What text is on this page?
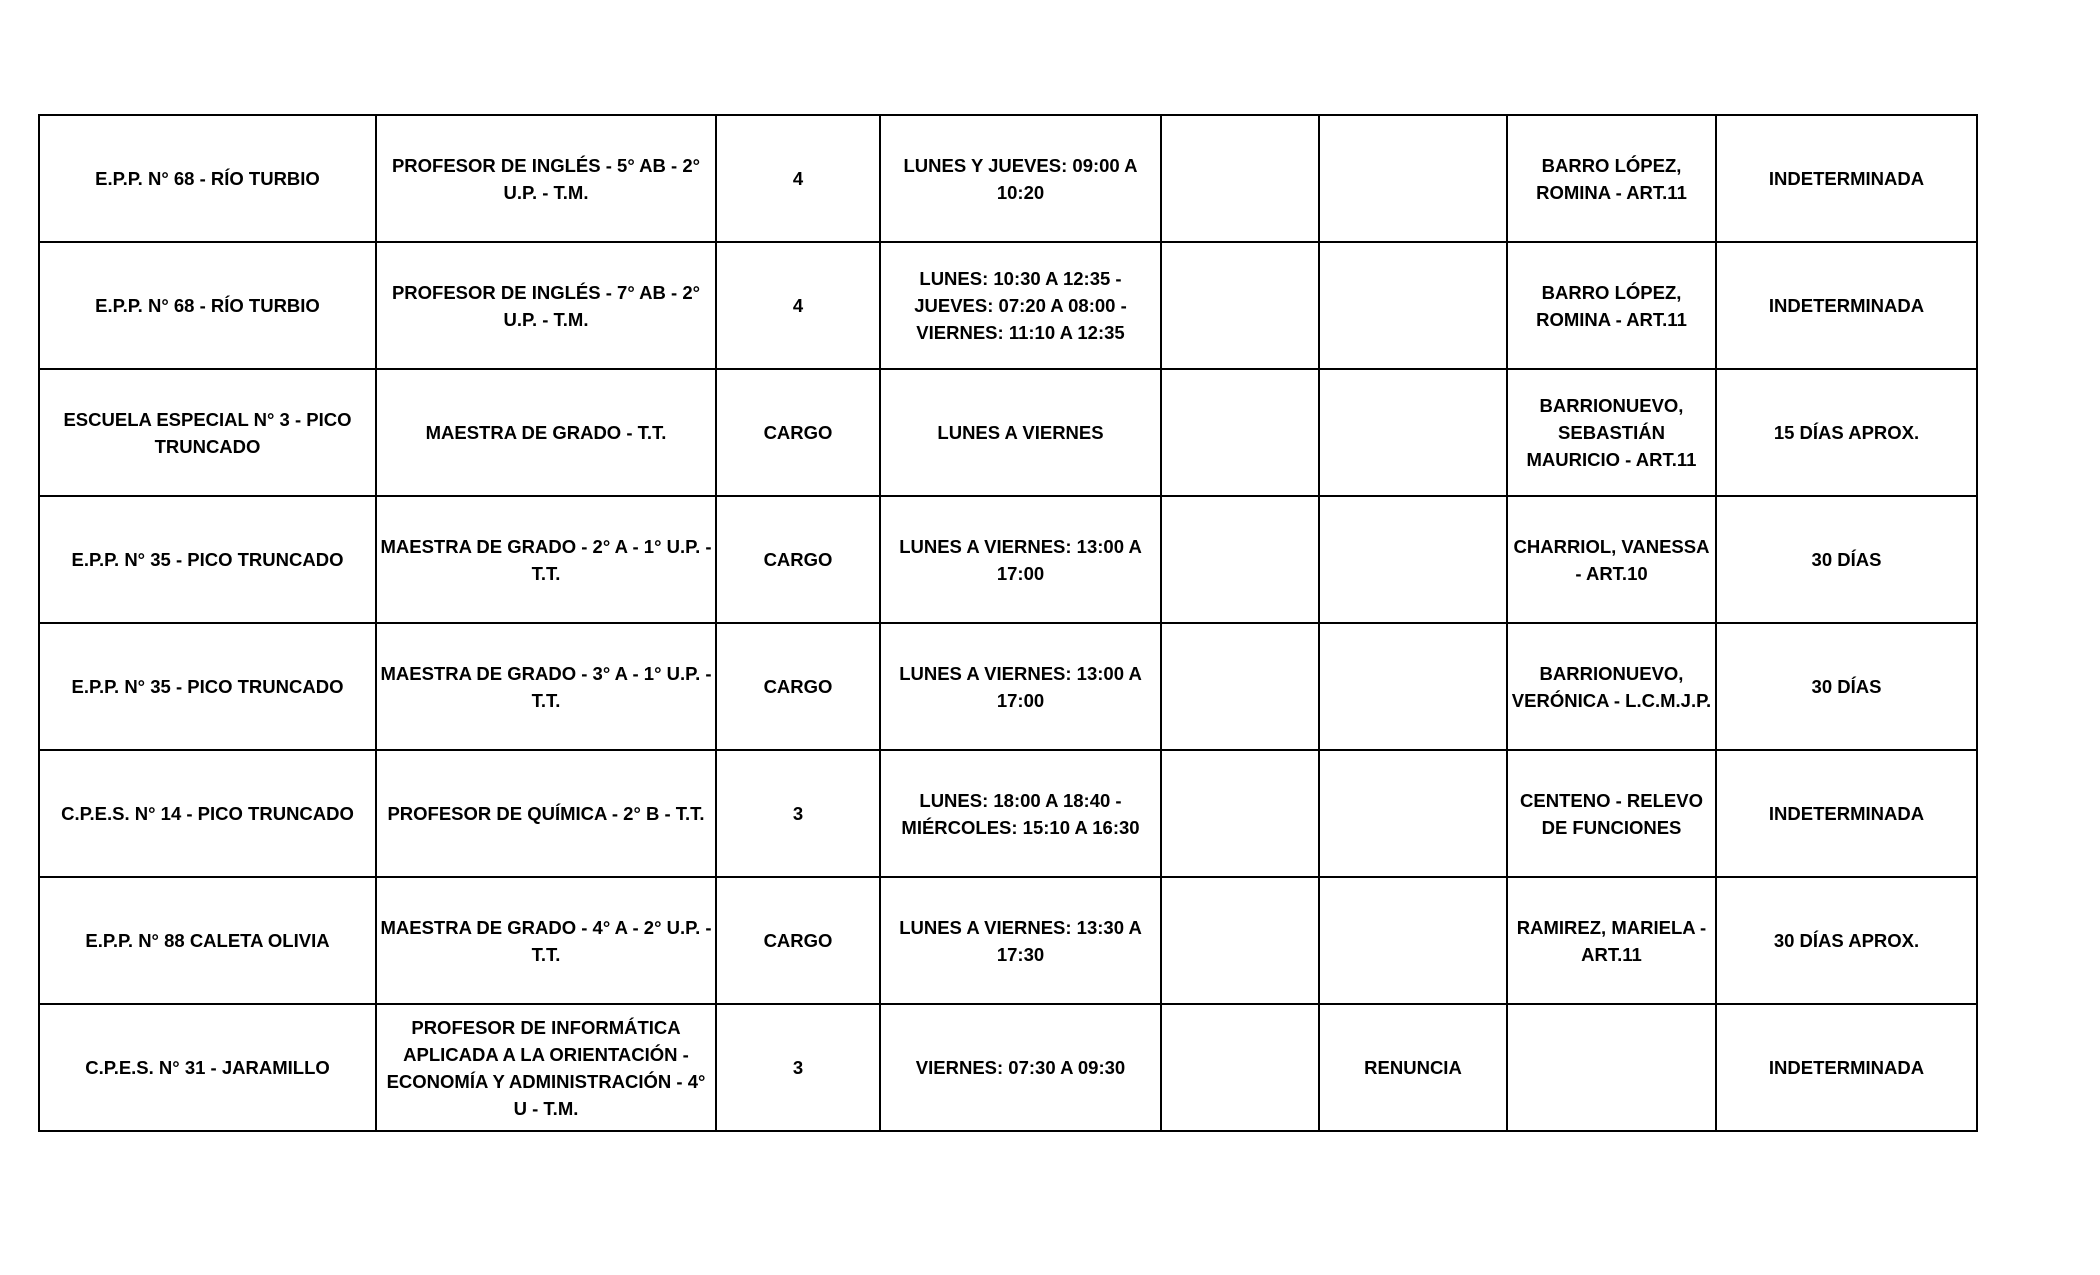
E.P.P. N° 68 - RÍO TURBIO	PROFESOR DE INGLÉS - 5° AB - 2° U.P. - T.M.	4	LUNES Y JUEVES: 09:00 A 10:20			BARRO LÓPEZ, ROMINA - ART.11	INDETERMINADA
E.P.P. N° 68 - RÍO TURBIO	PROFESOR DE INGLÉS - 7° AB - 2° U.P. - T.M.	4	LUNES: 10:30 A 12:35 - JUEVES: 07:20 A 08:00 - VIERNES: 11:10 A 12:35			BARRO LÓPEZ, ROMINA - ART.11	INDETERMINADA
ESCUELA ESPECIAL N° 3 - PICO TRUNCADO	MAESTRA DE GRADO - T.T.	CARGO	LUNES A VIERNES			BARRIONUEVO, SEBASTIÁN MAURICIO - ART.11	15 DÍAS APROX.
E.P.P. N° 35 - PICO TRUNCADO	MAESTRA DE GRADO - 2° A - 1° U.P. - T.T.	CARGO	LUNES A VIERNES: 13:00 A 17:00			CHARRIOL, VANESSA - ART.10	30 DÍAS
E.P.P. N° 35 - PICO TRUNCADO	MAESTRA DE GRADO - 3° A - 1° U.P. - T.T.	CARGO	LUNES A VIERNES: 13:00 A 17:00			BARRIONUEVO, VERÓNICA - L.C.M.J.P.	30 DÍAS
C.P.E.S. N° 14 - PICO TRUNCADO	PROFESOR DE QUÍMICA - 2° B - T.T.	3	LUNES: 18:00 A 18:40 - MIÉRCOLES: 15:10 A 16:30			CENTENO - RELEVO DE FUNCIONES	INDETERMINADA
E.P.P. N° 88 CALETA OLIVIA	MAESTRA DE GRADO - 4° A - 2° U.P. - T.T.	CARGO	LUNES A VIERNES: 13:30 A 17:30			RAMIREZ, MARIELA - ART.11	30 DÍAS APROX.
C.P.E.S. N° 31 - JARAMILLO	PROFESOR DE INFORMÁTICA APLICADA A LA ORIENTACIÓN - ECONOMÍA Y ADMINISTRACIÓN - 4° U - T.M.	3	VIERNES: 07:30 A 09:30		RENUNCIA		INDETERMINADA
